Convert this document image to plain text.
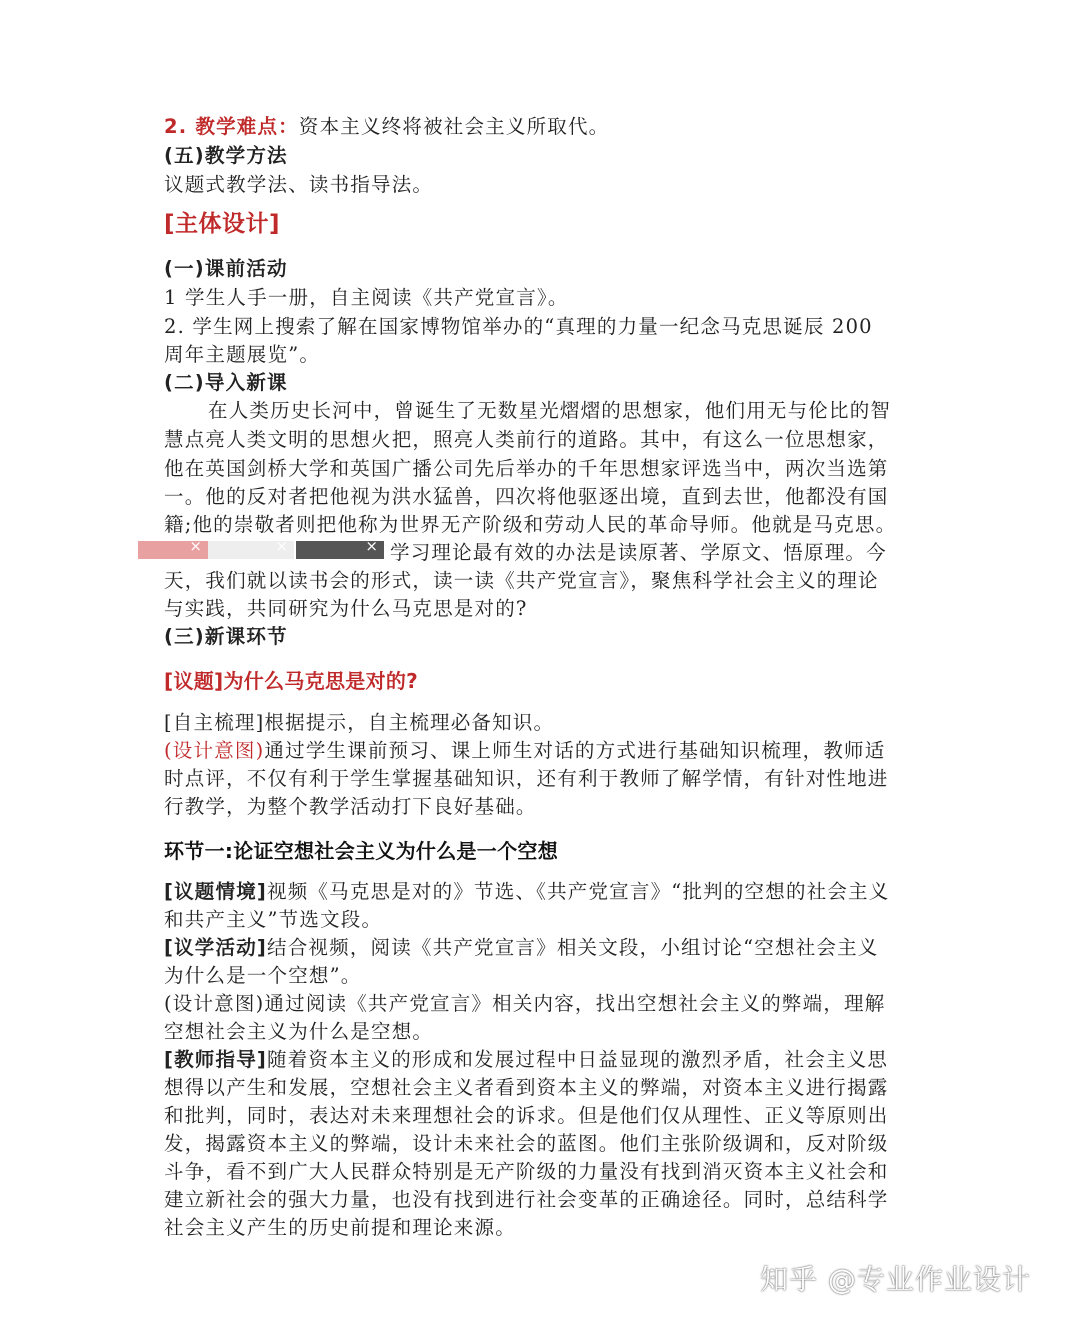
2. 教学难点：资本主义终将被社会主义所取代。
(五)教学方法
议题式教学法、读书指导法。
[主体设计]
(一)课前活动
1 学生人手一册，自主阅读《共产党宣言》。
2. 学生网上搜索了解在国家博物馆举办的“真理的力量一纪念马克思诞辰 200
周年主题展览”。
(二)导入新课
在人类历史长河中，曾诞生了无数星光熠熠的思想家，他们用无与伦比的智
慧点亮人类文明的思想火把，照亮人类前行的道路。其中，有这么一位思想家，
他在英国剑桥大学和英国广播公司先后举办的千年思想家评选当中，两次当选第
一。他的反对者把他视为洪水猛兽，四次将他驱逐出境，直到去世，他都没有国
籍;他的崇敬者则把他称为世界无产阶级和劳动人民的革命导师。他就是马克思。
×	×	× 学习理论最有效的办法是读原著、学原文、悟原理。今
天，我们就以读书会的形式，读一读《共产党宣言》，聚焦科学社会主义的理论
与实践，共同研究为什么马克思是对的?
(三)新课环节
[议题]为什么马克思是对的?
[自主梳理]根据提示，自主梳理必备知识。
(设计意图)通过学生课前预习、课上师生对话的方式进行基础知识梳理，教师适
时点评，不仅有利于学生掌握基础知识，还有利于教师了解学情，有针对性地进
行教学，为整个教学活动打下良好基础。
环节一:论证空想社会主义为什么是一个空想
[议题情境]视频《马克思是对的》节选、《共产党宣言》“批判的空想的社会主义
和共产主义”节选文段。
[议学活动]结合视频，阅读《共产党宣言》相关文段，小组讨论“空想社会主义
为什么是一个空想”。
(设计意图)通过阅读《共产党宣言》相关内容，找出空想社会主义的弊端，理解
空想社会主义为什么是空想。
[教师指导]随着资本主义的形成和发展过程中日益显现的激烈矛盾，社会主义思
想得以产生和发展，空想社会主义者看到资本主义的弊端，对资本主义进行揭露
和批判，同时，表达对未来理想社会的诉求。但是他们仅从理性、正义等原则出
发，揭露资本主义的弊端，设计未来社会的蓝图。他们主张阶级调和，反对阶级
斗争，看不到广大人民群众特别是无产阶级的力量没有找到消灭资本主义社会和
建立新社会的强大力量，也没有找到进行社会变革的正确途径。同时，总结科学
社会主义产生的历史前提和理论来源。
知乎 @专业作业设计
